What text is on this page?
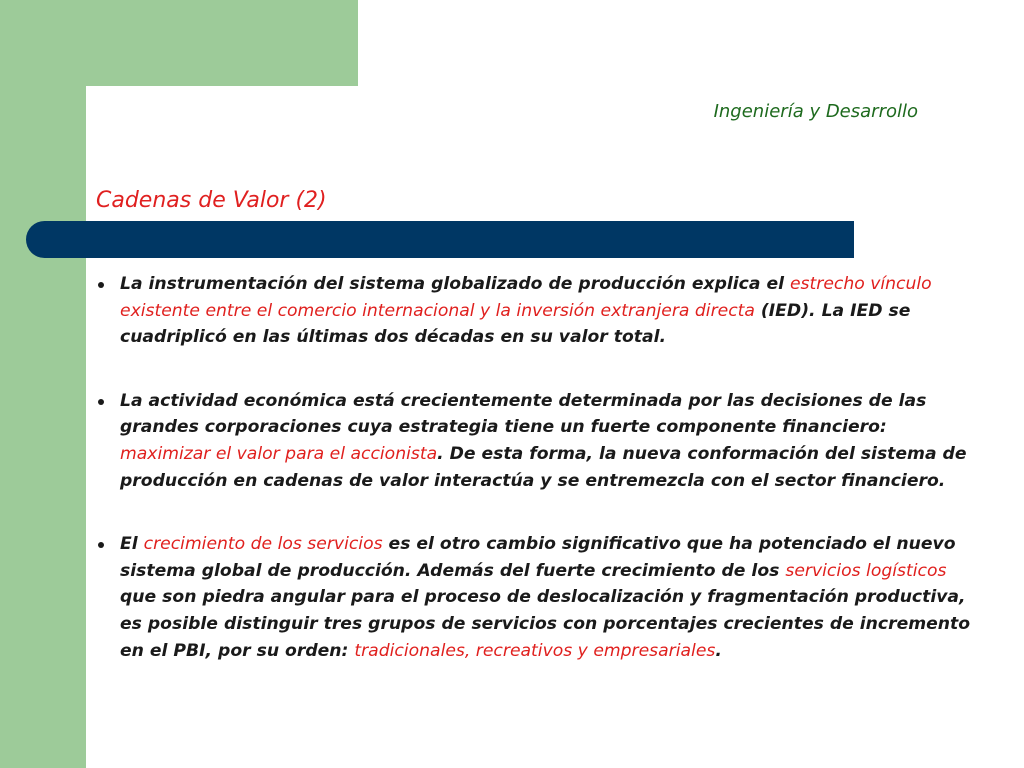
Ingeniería y Desarrollo
Cadenas de Valor (2)
La instrumentación del sistema globalizado de producción explica el estrecho vínculo existente entre el comercio internacional y la inversión extranjera directa (IED). La IED se cuadriplicó en las últimas dos décadas en su valor total.
La actividad económica está crecientemente determinada por las decisiones de las grandes corporaciones cuya estrategia tiene un fuerte componente financiero: maximizar el valor para el accionista. De esta forma, la nueva conformación del sistema de producción en cadenas de valor interactúa y se entremezcla con el sector financiero.
El crecimiento de los servicios es el otro cambio significativo que ha potenciado el nuevo sistema global de producción. Además del fuerte crecimiento de los servicios logísticos que son piedra angular para el proceso de deslocalización y fragmentación productiva, es posible distinguir tres grupos de servicios con porcentajes crecientes de incremento en el PBI, por su orden: tradicionales, recreativos y empresariales.
